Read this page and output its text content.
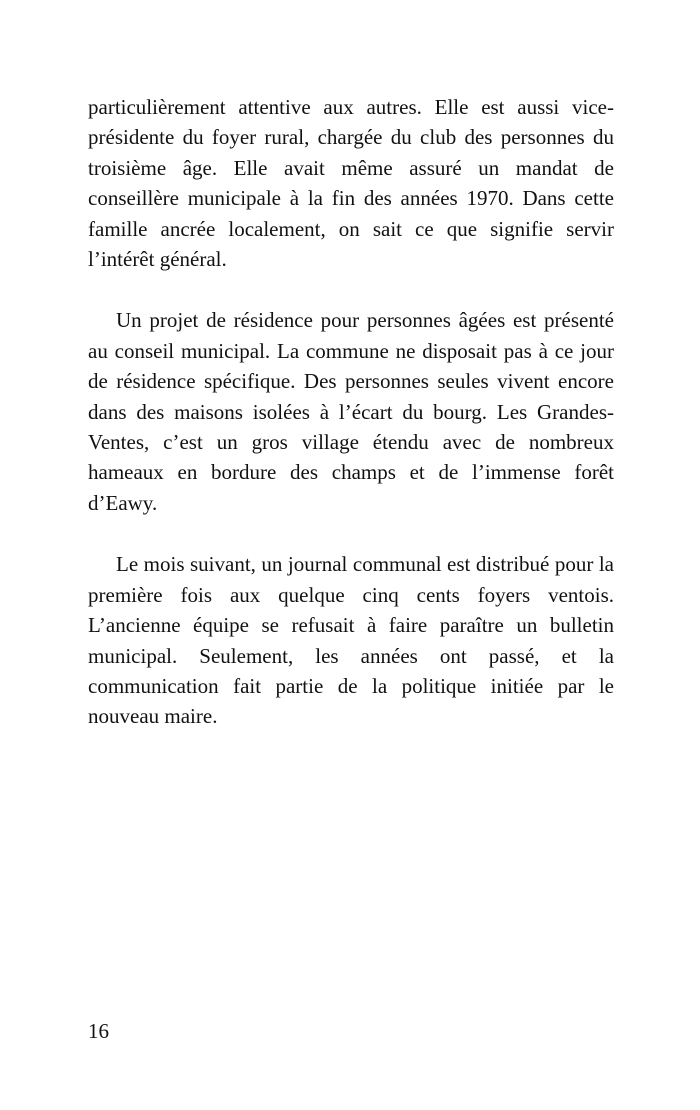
particulièrement attentive aux autres. Elle est aussi vice-présidente du foyer rural, chargée du club des personnes du troisième âge. Elle avait même assuré un mandat de conseillère municipale à la fin des années 1970. Dans cette famille ancrée localement, on sait ce que signifie servir l’intérêt général.

Un projet de résidence pour personnes âgées est présenté au conseil municipal. La commune ne disposait pas à ce jour de résidence spécifique. Des personnes seules vivent encore dans des maisons isolées à l’écart du bourg. Les Grandes-Ventes, c’est un gros village étendu avec de nombreux hameaux en bordure des champs et de l’immense forêt d’Eawy.

Le mois suivant, un journal communal est distribué pour la première fois aux quelque cinq cents foyers ventois. L’ancienne équipe se refusait à faire paraître un bulletin municipal. Seulement, les années ont passé, et la communication fait partie de la politique initiée par le nouveau maire.

16
